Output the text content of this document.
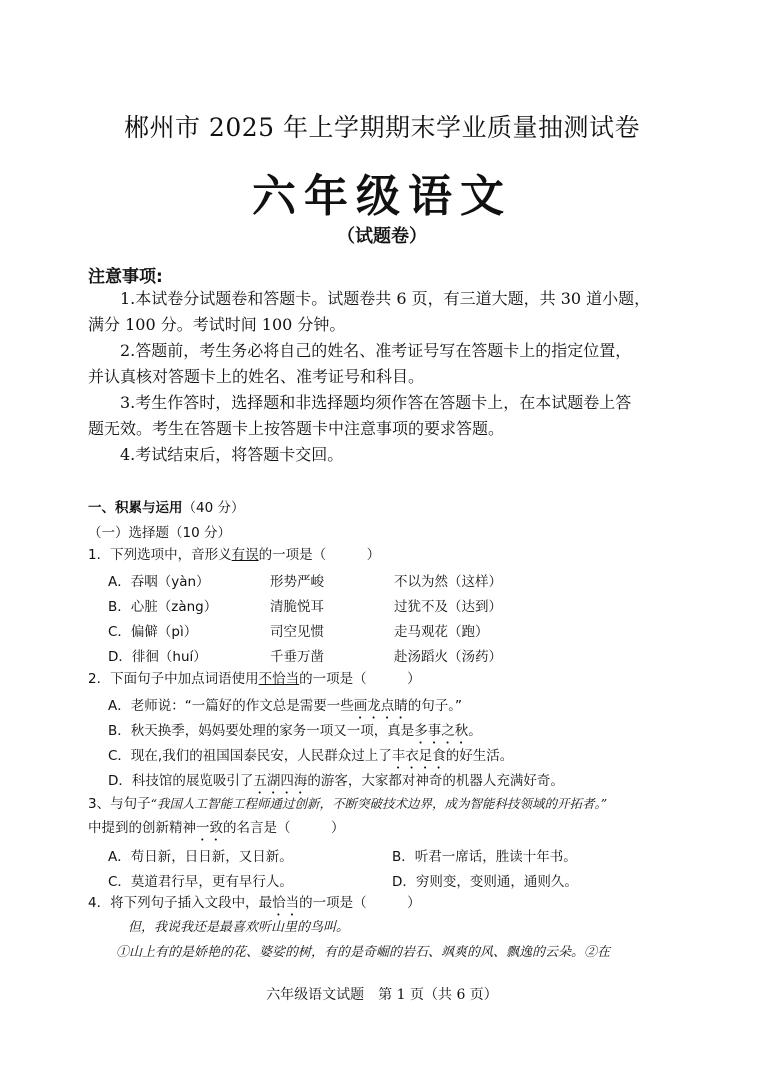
郴州市 2025 年上学期期末学业质量抽测试卷
六年级语文
（试题卷）
注意事项:
1.本试卷分试题卷和答题卡。试题卷共 6 页，有三道大题，共 30 道小题，
满分 100 分。考试时间 100 分钟。
2.答题前，考生务必将自己的姓名、准考证号写在答题卡上的指定位置，
并认真核对答题卡上的姓名、准考证号和科目。
3.考生作答时，选择题和非选择题均须作答在答题卡上，在本试题卷上答
题无效。考生在答题卡上按答题卡中注意事项的要求答题。
4.考试结束后，将答题卡交回。
一、积累与运用（40 分）
（一）选择题（10 分）
1．下列选项中，音形义有误的一项是（　　　）
A．吞咽（yàn）	形势严峻	不以为然（这样）
B．心脏（zàng）	清脆悦耳	过犹不及（达到）
C．偏僻（pì）	司空见惯	走马观花（跑）
D．徘徊（huí）	千垂万凿	赴汤蹈火（汤药）
2．下面句子中加点词语使用不恰当的一项是（　　　）
A．老师说：“一篇好的作文总是需要一些画龙点睛的句子。”
B．秋天换季，妈妈要处理的家务一项又一项，真是多事之秋。
C．现在,我们的祖国国泰民安，人民群众过上了丰衣足食的好生活。
D．科技馆的展览吸引了五湖四海的游客，大家都对神奇的机器人充满好奇。
3、与句子“我国人工智能工程师通过创新，不断突破技术边界，成为智能科技领域的开拓者。”
中提到的创新精神一致的名言是（　　　）
A．苟日新，日日新，又日新。	B．听君一席话，胜读十年书。
C．莫道君行早，更有早行人。	D．穷则变，变则通，通则久。
4．将下列句子插入文段中，最恰当的一项是（　　　）
但，我说我还是最喜欢听山里的鸟叫。
①山上有的是娇艳的花、婆娑的树，有的是奇崛的岩石、飒爽的风、飘逸的云朵。②在
六年级语文试题　第 1 页（共 6 页）
